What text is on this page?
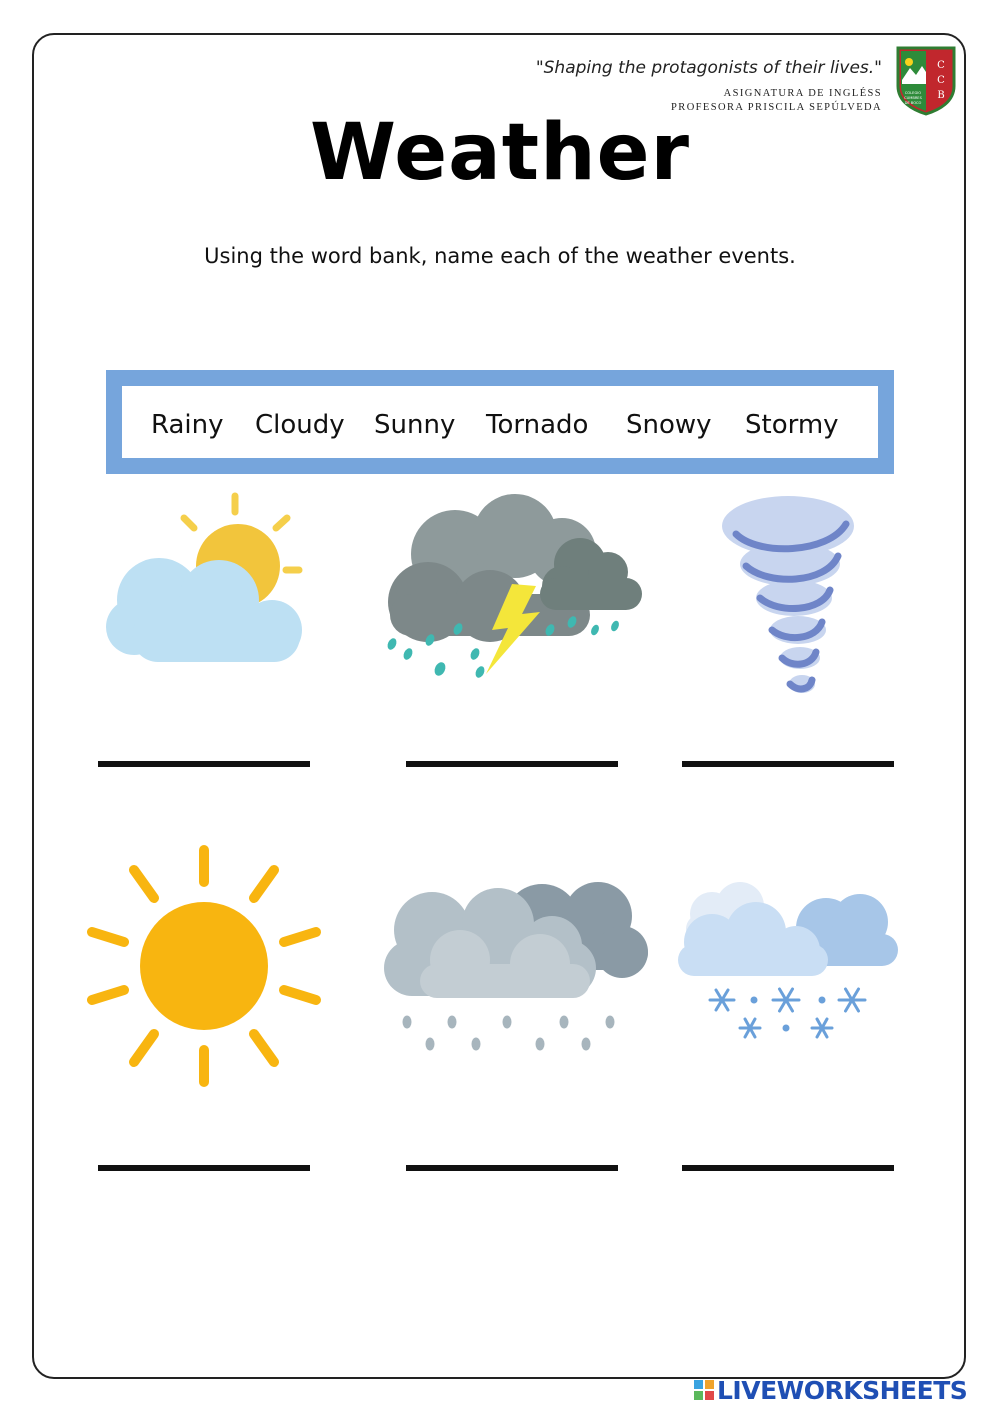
"Shaping the protagonists of their lives."
ASIGNATURA DE INGLÉSS
PROFESORA PRISCILA SEPÚLVEDA
COLEGIO
CUMBRES
DE BOCO
C
C
B
Weather
Using the word bank, name each of the weather events.
Rainy Cloudy Sunny Tornado Snowy Stormy
LIVEWORKSHEETS
